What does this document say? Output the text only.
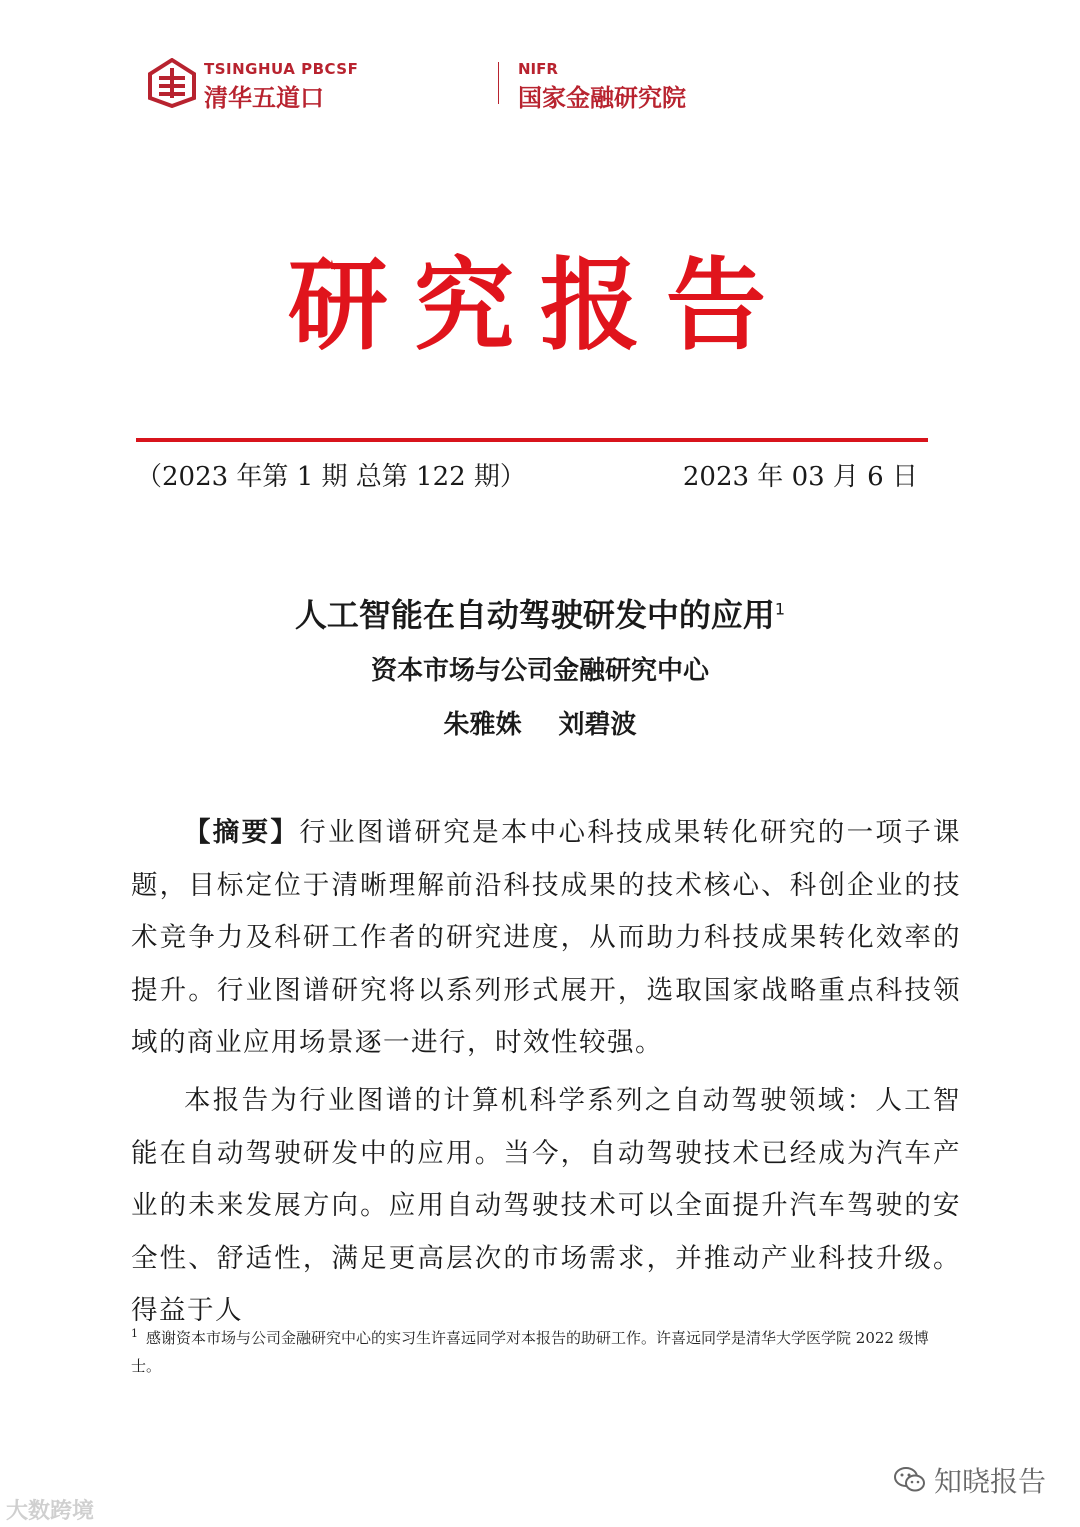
TSINGHUA PBCSF
清华五道口
NIFR
国家金融研究院
研究报告
（2023 年第 1 期 总第 122 期）	2023 年 03 月 6 日
人工智能在自动驾驶研发中的应用$^1$
资本市场与公司金融研究中心
朱雅姝 刘碧波

【摘要】行业图谱研究是本中心科技成果转化研究的一项子课题，目标定位于清晰理解前沿科技成果的技术核心、科创企业的技术竞争力及科研工作者的研究进度，从而助力科技成果转化效率的提升。行业图谱研究将以系列形式展开，选取国家战略重点科技领域的商业应用场景逐一进行，时效性较强。

本报告为行业图谱的计算机科学系列之自动驾驶领域：人工智能在自动驾驶研发中的应用。当今，自动驾驶技术已经成为汽车产业的未来发展方向。应用自动驾驶技术可以全面提升汽车驾驶的安全性、舒适性，满足更高层次的市场需求，并推动产业科技升级。得益于人

$^1$ 感谢资本市场与公司金融研究中心的实习生许喜远同学对本报告的助研工作。许喜远同学是清华大学医学院 2022 级博士。
大数跨境
知晓报告
